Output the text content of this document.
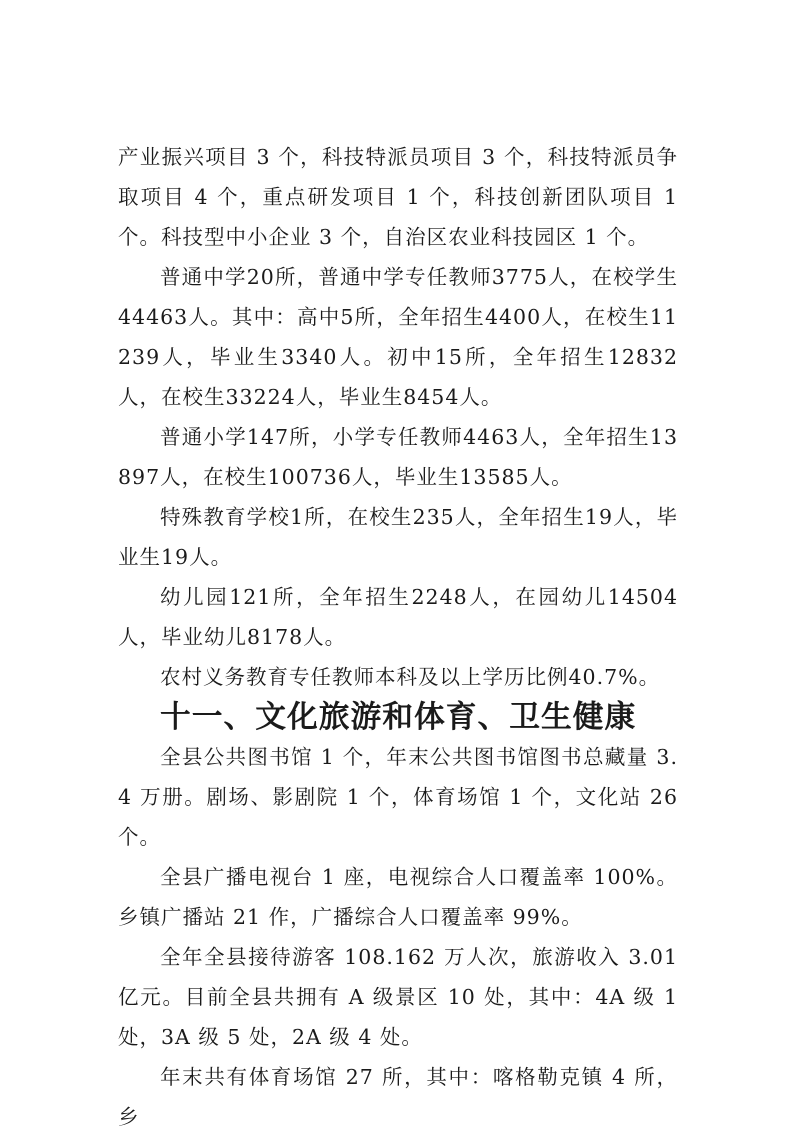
产业振兴项目 3 个，科技特派员项目 3 个，科技特派员争取项目 4 个，重点研发项目 1 个，科技创新团队项目 1 个。科技型中小企业 3 个，自治区农业科技园区 1 个。

普通中学20所，普通中学专任教师3775人，在校学生44463人。其中：高中5所，全年招生4400人，在校生11239人，毕业生3340人。初中15所，全年招生12832人，在校生33224人，毕业生8454人。

普通小学147所，小学专任教师4463人，全年招生13897人，在校生100736人，毕业生13585人。

特殊教育学校1所，在校生235人，全年招生19人，毕业生19人。

幼儿园121所，全年招生2248人，在园幼儿14504人，毕业幼儿8178人。

农村义务教育专任教师本科及以上学历比例40.7%。

十一、文化旅游和体育、卫生健康

全县公共图书馆 1 个，年末公共图书馆图书总藏量 3.4 万册。剧场、影剧院 1 个，体育场馆 1 个，文化站 26 个。

全县广播电视台 1 座，电视综合人口覆盖率 100%。乡镇广播站 21 作，广播综合人口覆盖率 99%。

全年全县接待游客 108.162 万人次，旅游收入 3.01 亿元。目前全县共拥有 A 级景区 10 处，其中：4A 级 1 处，3A 级 5 处，2A 级 4 处。

年末共有体育场馆 27 所，其中：喀格勒克镇 4 所，乡
